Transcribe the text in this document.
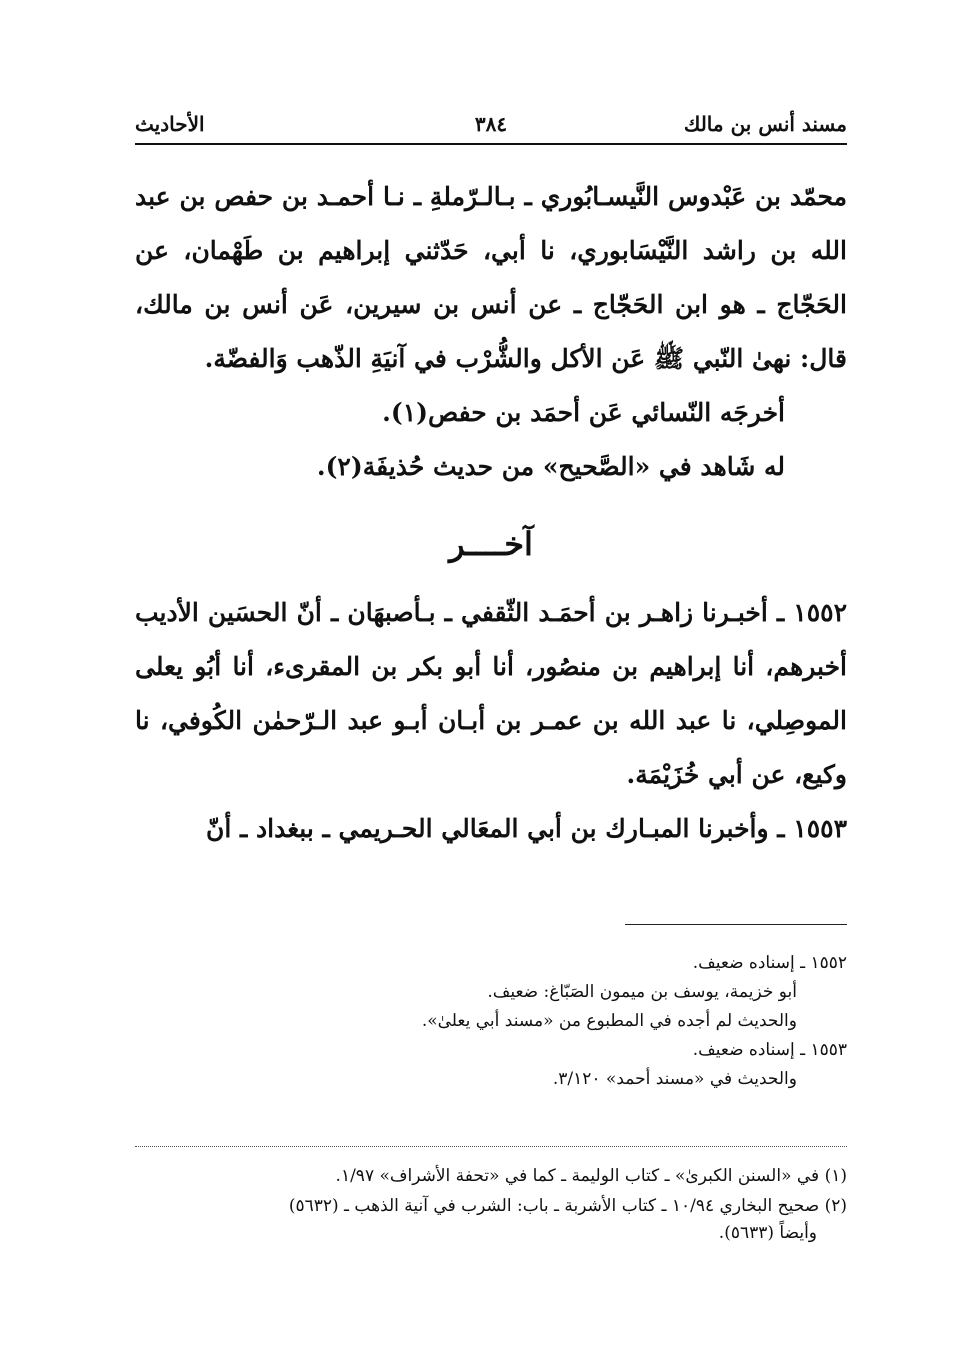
مسند أنس بن مالك
٣٨٤
الأحاديث

محمّد بن عَبْدوس النَّيسـابُوري ـ بـالـرّملةِ ـ نـا أحمـد بن حفص بن عبد الله بن راشد النَّيْسَابوري، نا أبي، حَدّثني إبراهيم بن طَهْمان، عن الحَجّاج ـ هو ابن الحَجّاج ـ عن أنس بن سيرين، عَن أنس بن مالك، قال: نهىٰ النّبي ﷺ عَن الأكل والشُّرْب في آنيَةِ الذّهب وَالفضّة.

أخرجَه النّسائي عَن أحمَد بن حفص(١).

له شَاهد في «الصَّحيح» من حديث حُذيفَة(٢).

آخــــر

١٥٥٢ ـ أخبـرنا زاهـر بن أحمَـد الثّقفي ـ بـأصبهَان ـ أنّ الحسَين الأديب أخبرهم، أنا إبراهيم بن منصُور، أنا أبو بكر بن المقرىء، أنا أبُو يعلى الموصِلي، نا عبد الله بن عمـر بن أبـان أبـو عبد الـرّحمٰن الكُوفي، نا وكيع، عن أبي خُزَيْمَة.

١٥٥٣ ـ وأخبرنا المبـارك بن أبي المعَالي الحـريمي ـ ببغداد ـ أنّ

١٥٥٢ ـ إسناده ضعيف.

أبو خزيمة، يوسف بن ميمون الصَبّاغ: ضعيف.

والحديث لم أجده في المطبوع من «مسند أبي يعلىٰ».

١٥٥٣ ـ إسناده ضعيف.

والحديث في «مسند أحمد» ٣/١٢٠.

(١) في «السنن الكبرىٰ» ـ كتاب الوليمة ـ كما في «تحفة الأشراف» ١/٩٧.

(٢) صحيح البخاري ١٠/٩٤ ـ كتاب الأشربة ـ باب: الشرب في آنية الذهب ـ (٥٦٣٢)

وأيضاً (٥٦٣٣).
